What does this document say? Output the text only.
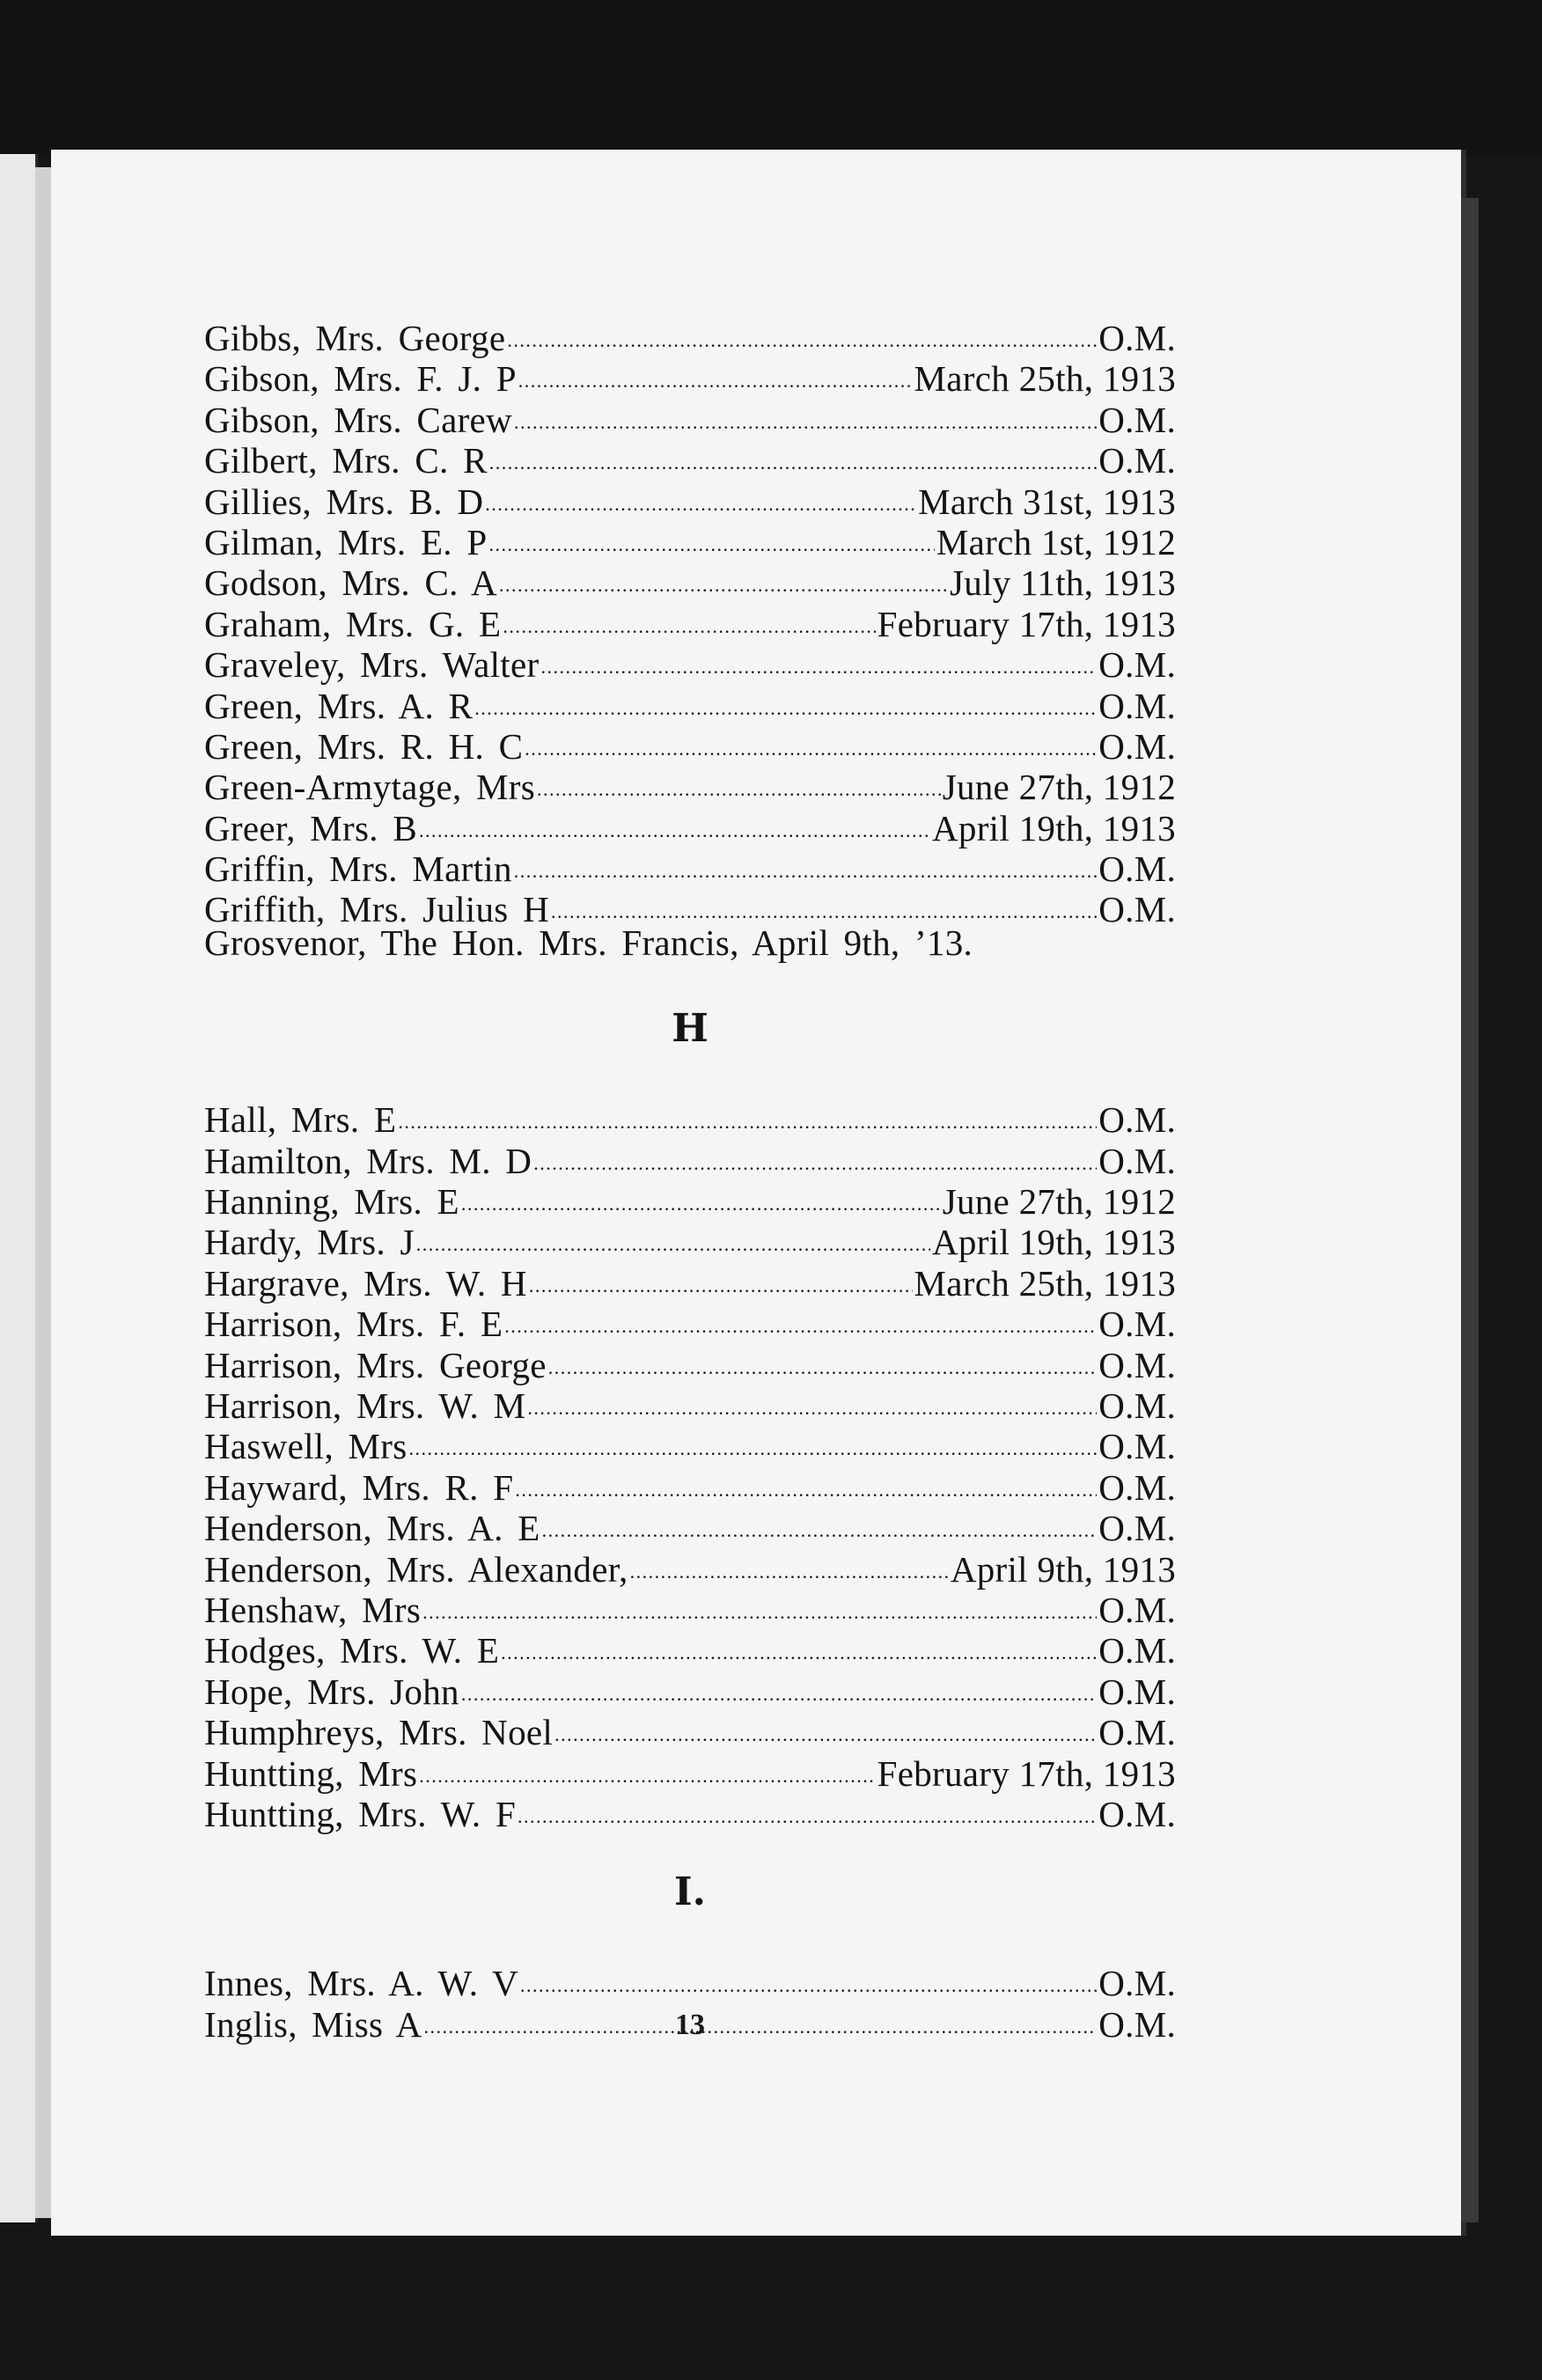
Gibbs, Mrs. George . . .	O.M.
Gibson, Mrs. F. J. P . . .	March 25th, 1913
Gibson, Mrs. Carew . . .	O.M.
Gilbert, Mrs. C. R . . .	O.M.
Gillies, Mrs. B. D . . .	March 31st, 1913
Gilman, Mrs. E. P . . .	March 1st, 1912
Godson, Mrs. C. A . . .	July 11th, 1913
Graham, Mrs. G. E . . .	February 17th, 1913
Graveley, Mrs. Walter . . .	O.M.
Green, Mrs. A. R . . .	O.M.
Green, Mrs. R. H. C . . .	O.M.
Green-Armytage, Mrs . . .	June 27th, 1912
Greer, Mrs. B . . .	April 19th, 1913
Griffin, Mrs. Martin . . .	O.M.
Griffith, Mrs. Julius H . . .	O.M.
Grosvenor, The Hon. Mrs. Francis, April 9th, ’13.
H
Hall, Mrs. E . . .	O.M.
Hamilton, Mrs. M. D . . .	O.M.
Hanning, Mrs. E . . .	June 27th, 1912
Hardy, Mrs. J . . .	April 19th, 1913
Hargrave, Mrs. W. H . . .	March 25th, 1913
Harrison, Mrs. F. E . . .	O.M.
Harrison, Mrs. George . . .	O.M.
Harrison, Mrs. W. M . . .	O.M.
Haswell, Mrs . . .	O.M.
Hayward, Mrs. R. F . . .	O.M.
Henderson, Mrs. A. E . . .	O.M.
Henderson, Mrs. Alexander, . . .	April 9th, 1913
Henshaw, Mrs . . .	O.M.
Hodges, Mrs. W. E . . .	O.M.
Hope, Mrs. John . . .	O.M.
Humphreys, Mrs. Noel . . .	O.M.
Huntting, Mrs . . .	February 17th, 1913
Huntting, Mrs. W. F . . .	O.M.
I.
Innes, Mrs. A. W. V . . .	O.M.
Inglis, Miss A . . .	O.M.
13
